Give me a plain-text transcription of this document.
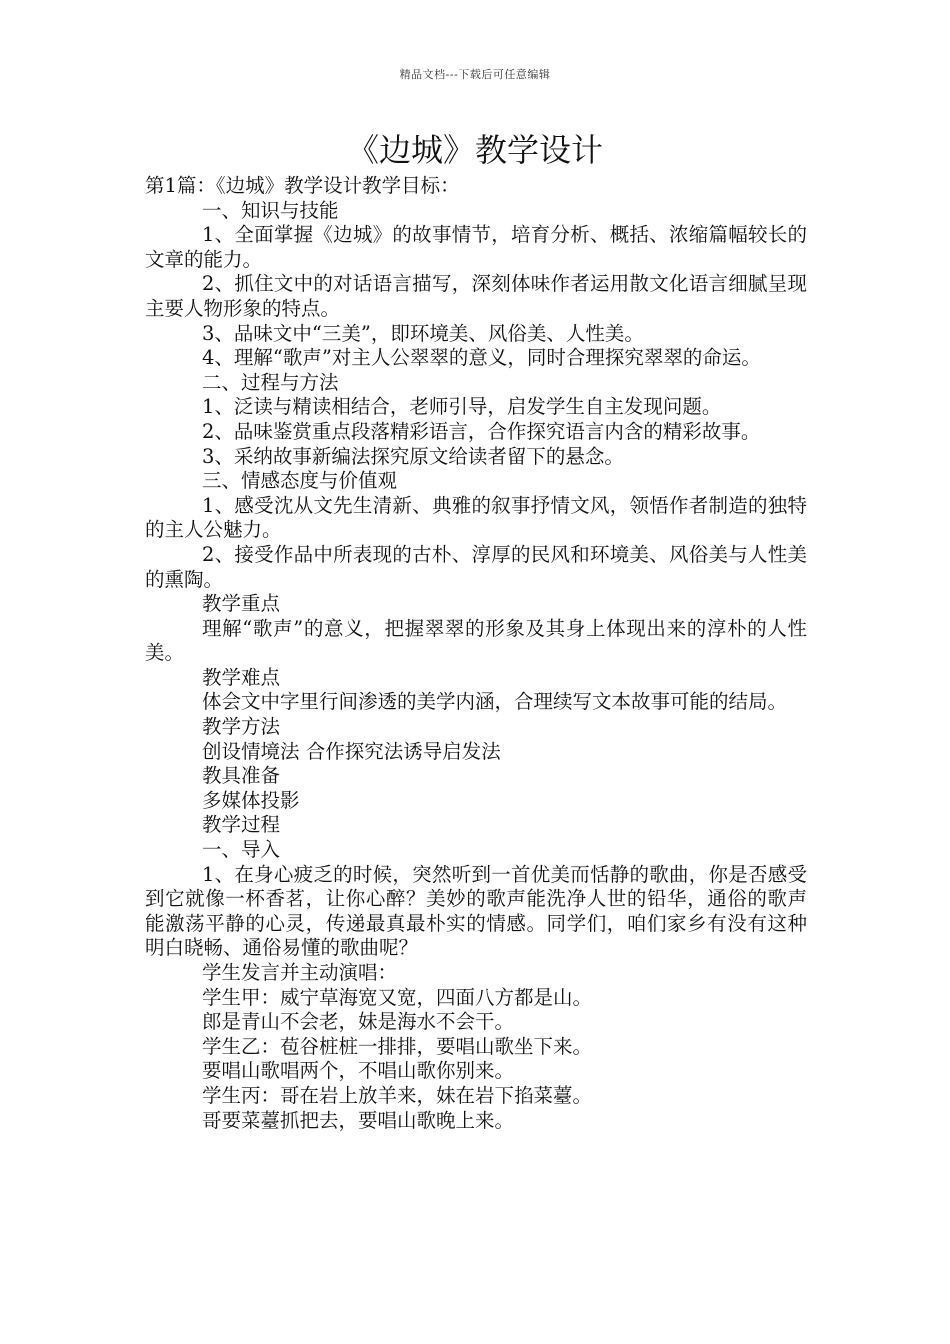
精品文档---下载后可任意编辑
《边城》教学设计

第1篇：《边城》教学设计教学目标：

一、知识与技能

1、全面掌握《边城》的故事情节，培育分析、概括、浓缩篇幅较长的文章的能力。

2、抓住文中的对话语言描写，深刻体味作者运用散文化语言细腻呈现主要人物形象的特点。

3、品味文中“三美”，即环境美、风俗美、人性美。

4、理解“歌声”对主人公翠翠的意义，同时合理探究翠翠的命运。

二、过程与方法

1、泛读与精读相结合，老师引导，启发学生自主发现问题。

2、品味鉴赏重点段落精彩语言，合作探究语言内含的精彩故事。

3、采纳故事新编法探究原文给读者留下的悬念。

三、情感态度与价值观

1、感受沈从文先生清新、典雅的叙事抒情文风，领悟作者制造的独特的主人公魅力。

2、接受作品中所表现的古朴、淳厚的民风和环境美、风俗美与人性美的熏陶。

教学重点

理解“歌声”的意义，把握翠翠的形象及其身上体现出来的淳朴的人性美。

教学难点

体会文中字里行间渗透的美学内涵，合理续写文本故事可能的结局。

教学方法

创设情境法 合作探究法诱导启发法

教具准备

多媒体投影

教学过程

一、导入

1、在身心疲乏的时候，突然听到一首优美而恬静的歌曲，你是否感受到它就像一杯香茗，让你心醉？美妙的歌声能洗净人世的铅华，通俗的歌声能激荡平静的心灵，传递最真最朴实的情感。同学们，咱们家乡有没有这种明白晓畅、通俗易懂的歌曲呢？

学生发言并主动演唱：

学生甲：威宁草海宽又宽，四面八方都是山。

郎是青山不会老，妹是海水不会干。

学生乙：苞谷桩桩一排排，要唱山歌坐下来。

要唱山歌唱两个，不唱山歌你别来。

学生丙：哥在岩上放羊来，妹在岩下掐菜薹。

哥要菜薹抓把去，要唱山歌晚上来。
